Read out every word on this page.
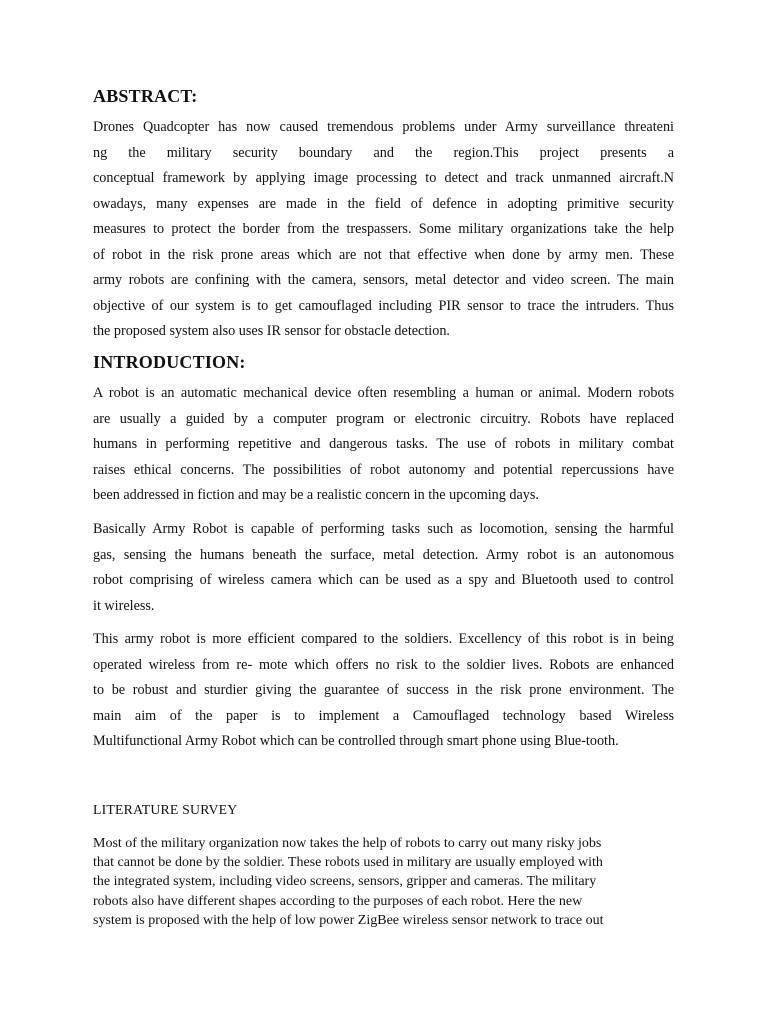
ABSTRACT:
Drones Quadcopter has now caused tremendous problems under Army surveillance threateni
ng the military security boundary and the region.This project presents a
conceptual framework by applying image processing to detect and track unmanned aircraft.N
owadays, many expenses are made in the field of defence in adopting primitive security
measures to protect the border from the trespassers. Some military organizations take the help
of robot in the risk prone areas which are not that effective when done by army men. These
army robots are confining with the camera, sensors, metal detector and video screen. The main
objective of our system is to get camouflaged including PIR sensor to trace the intruders. Thus
the proposed system also uses IR sensor for obstacle detection.
INTRODUCTION:
A robot is an automatic mechanical device often resembling a human or animal. Modern robots
are usually a guided by a computer program or electronic circuitry. Robots have replaced
humans in performing repetitive and dangerous tasks. The use of robots in military combat
raises ethical concerns. The possibilities of robot autonomy and potential repercussions have
been addressed in fiction and may be a realistic concern in the upcoming days.
Basically Army Robot is capable of performing tasks such as locomotion, sensing the harmful
gas, sensing the humans beneath the surface, metal detection. Army robot is an autonomous
robot comprising of wireless camera which can be used as a spy and Bluetooth used to control
it wireless.
This army robot is more efficient compared to the soldiers. Excellency of this robot is in being
operated wireless from re- mote which offers no risk to the soldier lives. Robots are enhanced
to be robust and sturdier giving the guarantee of success in the risk prone environment. The
main aim of the paper is to implement a Camouflaged technology based Wireless
Multifunctional Army Robot which can be controlled through smart phone using Blue-tooth.
LITERATURE SURVEY
Most of the military organization now takes the help of robots to carry out many risky jobs
that cannot be done by the soldier. These robots used in military are usually employed with
the integrated system, including video screens, sensors, gripper and cameras. The military
robots also have different shapes according to the purposes of each robot. Here the new
system is proposed with the help of low power ZigBee wireless sensor network to trace out
